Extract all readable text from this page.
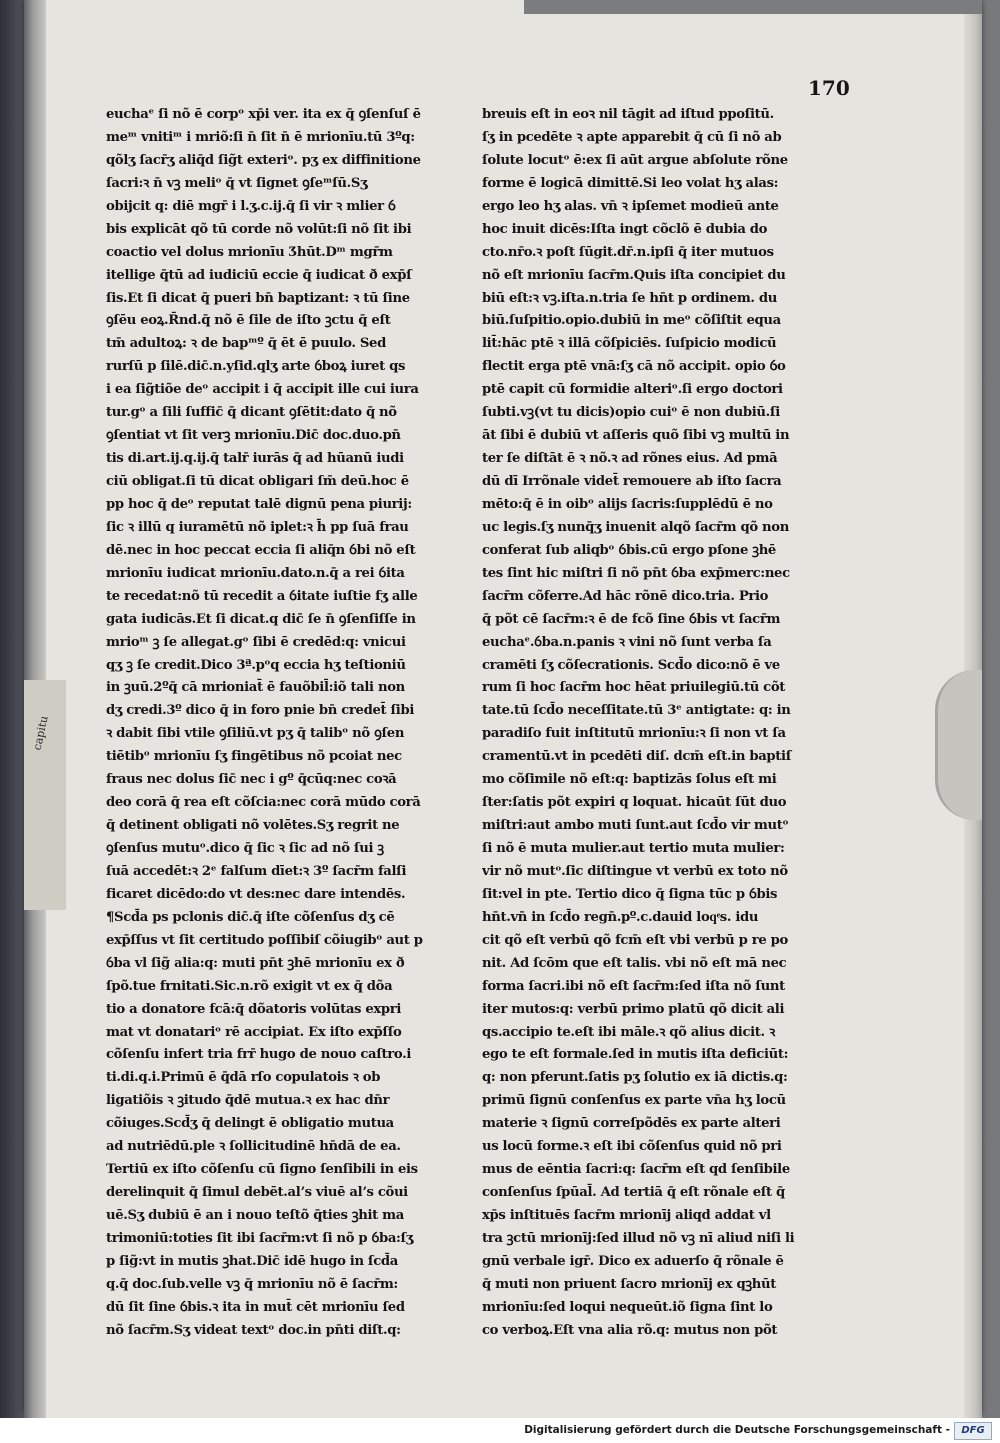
capitu
170
euchaᵉ ſi nõ ē corpᵒ xp̄i ver. ita ex q̄ ꝯſenſuſ ē
meᵐ vnitiᵐ i mriõ:ſi n̄ ſit n̄ ē mrionīu.tū 3ºq:
qõlʒ ſacr̄ʒ aliq̄d ſig̃t exteriᵒ. pʒ ex diffinitione
ſacri:ꝛ n̄ vꝫ meliᵒ q̄ vt ſignet ꝯſeᵐſū.Sʒ
obijcit q: diē mgr̄ i l.ʒ.c.ij.q̄ ſi vir ꝛ mlier ỽ
bis explicāt qõ tū corde nõ volūt:ſi nõ ſit ibi
coactio vel dolus mrionīu Ʒhūt.Dᵐ mgr̄m
itellige q̄tū ad iudiciū eccie q̄ iudicat ð exp̄ſ
ſis.Et ſi dicat q̄ pueri bn̄ baptizant: ꝛ tū ſine
ꝯſēu eoꝝ.R̄nd.q̄ nõ ē ſile de iſto ꝫctu q̄ eſt
tm̄ adultoꝝ: ꝛ de bapᵐº q̄ ēt ē puulo. Sed
rurſū p ſilē.dic̄.n.yſid.qlʒ arte ỽboꝝ iuret qs
i ea ſig̃tiõe deᵒ accipit i q̄ accipit ille cui iura
tur.gᵒ a ſili ſuffic̄ q̄ dicant ꝯſētit:dato q̄ nõ
ꝯſentiat vt ſit verꝫ mrionīu.Dic̄ doc.duo.pn̄
tis di.art.ij.q.ij.q̄ talr̄ iurās q̄ ad hūanū iudi
ciū obligat.ſi tū dicat obligari ſm̄ deū.hoc ē
pp hoc q̄ deᵒ reputat talē dignū pena piurij:
ſic ꝛ illū q iuramētū nõ iplet:ꝛ h̄ pp ſuā frau
dē.nec in hoc peccat eccia ſi aliq̄n ỽbi nõ eſt
mrionīu iudicat mrionīu.dato.n.q̄ a rei ỽita
te recedat:nõ tū recedit a ỽitate iuſtie fʒ alle
gata iudicās.Et ſi dicat.q dic̄ ſe n̄ ꝯſenſiſſe in
mrioᵐ ꝫ ſe allegat.gᵒ ſibi ē credēd:q: vnicui
qʒ ꝫ ſe credit.Dico 3ª.pᵒq eccia hʒ teſtioniū
in ꝫuū.2ºq̄ cā mrioniat̄ ē fauõbil̄:iõ tali non
dʒ credi.3º dico q̄ in foro pnie bn̄ credet̄ ſibi
ꝛ dabit ſibi vtile ꝯſiliū.vt pʒ q̄ talibᵒ nõ ꝯſen
tiētibᵒ mrionīu ſʒ fingētibus nõ pcoiat nec
fraus nec dolus ſic̄ nec i gº q̄cūq:nec coꝛā
deo corā q̄ rea eſt cõſcia:nec corā mūdo corā
q̄ detinent obligati nõ volētes.Sʒ regrit ne
ꝯſenſus mutuᵒ.dico q̄ ſic ꝛ ſic ad nõ ſui ꝫ
ſuā accedēt:ꝛ 2ᵉ falſum dīet:ꝛ 3º ſacr̄m falſi
ficaret dicēdo:do vt des:nec dare intendēs.
¶Scd̄a ps pclonis dic̄.q̄ iſte cõſenſus dʒ cē
exp̄ſſus vt ſit certitudo poſſibiſ cõiugibᵒ aut p
ỽba vl ſig̃ alia:q: muti pn̄t ꝫhē mrionīu ex ð
ſpõ.tue frnitati.Sic.n.rõ exigit vt ex q̄ dõa
tio a donatore fcā:q̄ dõatoris volūtas expri
mat vt donatariᵒ rē accipiat. Ex iſto exp̄ſſo
cõſenſu infert tria frr̄ hugo de nouo caſtro.i
ti.di.q.i.Primū ē q̄dā rſo copulatois ꝛ ob
ligatiõis ꝛ ꝫitudo q̄dē mutua.ꝛ ex hac dn̄r
cõiuges.Scd̄ʒ q̄ delingt ē obligatio mutua
ad nutriēdū.ple ꝛ ſollicitudinē hn̄dā de ea.
Tertiū ex iſto cõſenſu cū ſigno ſenſibili in eis
derelinquit q̄ ſimul debēt.alʼs viuē alʼs cõui
uē.Sʒ dubiū ē an i nouo teſtõ q̄ties ꝫhit ma
trimoniū:toties ſit ibi ſacr̄m:vt ſi nõ p ỽba:ſʒ
p ſig̃:vt in mutis ꝫhat.Dic̄ idē hugo in ſcd̄a
q.q̄ doc.ſub.velle vꝫ q̄ mrionīu nõ ē ſacr̄m:
dū ſit ſine ỽbis.ꝛ ita in mut̄ cēt mrionīu ſed
nõ ſacr̄m.Sʒ videat textᵒ doc.in pn̄ti diſt.q:
breuis eſt in eoꝛ nil tāgit ad iſtud ppoſitū.
ſʒ in pcedēte ꝛ apte apparebit q̄ cū ſi nõ ab
ſolute locutᵒ ē:ex ſi aūt argue abſolute rõne
forme ē logicā dimittē.Si leo volat hʒ alas:
ergo leo hʒ alas. vn̄ ꝛ ipſemet modieū ante
hoc inuit dicēs:Iſta ingt cõclõ ē dubia do
cto.nr̄o.ꝛ poſt ſūgit.dr̄.n.ipſi q̄ iter mutuos
nõ eſt mrionīu ſacr̄m.Quis iſta concipiet du
biū eſt:ꝛ vꝫ.iſta.n.tria ſe hn̄t p ordinem. du
biū.ſuſpitio.opio.dubiū in meᵒ cõſiſtit equa
lit̄:hāc ptē ꝛ illā cõſpiciēs. ſuſpicio modicū
flectit erga ptē vnā:ſʒ cā nõ accipit. opio ỽo
ptē capit cū formidie alteriᵒ.ſi ergo doctori
ſubti.vꝫ(vt tu dicis)opio cuiᵒ ē non dubiū.ſi
āt ſibi ē dubiū vt aſſeris quõ ſibi vꝫ multū in
ter ſe diſtāt ē ꝛ nõ.ꝛ ad rõnes eius. Ad pmā
dū dī Irrõnale videt̄ remouere ab iſto ſacra
mēto:q̄ ē in oibᵒ alijs ſacris:ſupplēdū ē no
uc legis.ſʒ nunq̄ʒ inuenit alqõ ſacr̄m qõ non
conferat ſub aliqbᵒ ỽbis.cū ergo pſone ꝫhē
tes ſint hic miſtri ſi nõ pn̄t ỽba exp̄merc:nec
ſacr̄m cõferre.Ad hāc rõnē dico.tria. Prio
q̄ põt cē ſacr̄m:ꝛ ē de fcõ ſine ỽbis vt ſacr̄m
euchaᵉ.ỽba.n.panis ꝛ vini nõ ſunt verba ſa
cramēti ſʒ cõſecrationis. Scd̄o dico:nõ ē ve
rum ſi hoc ſacr̄m hoc hēat priuilegiū.tū cõt
tate.tū ſcd̄o neceſſitate.tū 3ᵉ antigtate: q: in
paradiſo fuit inſtitutū mrionīu:ꝛ ſi non vt ſa
cramentū.vt in pcedēti diſ. dcm̄ eſt.in baptiſ
mo cõſimile nõ eſt:q: baptizās ſolus eſt mi
ſter:ſatis põt expiri q loquat. hicaūt ſūt duo
miſtri:aut ambo muti ſunt.aut ſcd̄o vir mutᵒ
ſi nõ ē muta mulier.aut tertio muta mulier:
vir nõ mutᵒ.ſic diſtingue vt verbū ex toto nõ
ſit:vel in pte. Tertio dico q̄ ſigna tūc p ỽbis
hn̄t.vn̄ in ſcd̄o regn̄.pº.c.dauid loqͤs. idu
cit qõ eſt verbū qõ fcm̄ eſt vbi verbū p re po
nit. Ad ſcōm que eſt talis. vbi nõ eſt mā nec
forma ſacri.ibi nõ eſt ſacr̄m:ſed iſta nõ ſunt
iter mutos:q: verbū primo platū qõ dicit ali
qs.accipio te.eſt ibi māle.ꝛ qõ alius dicit. ꝛ
ego te eſt formale.ſed in mutis iſta deficiūt:
q: non pferunt.ſatis pʒ ſolutio ex iā dictis.q:
primū ſignū conſenſus ex parte vn̄a hʒ locū
materie ꝛ ſignū correſpõdēs ex parte alteri
us locū forme.ꝛ eſt ibi cõſenſus quid nõ pri
mus de eēntia ſacri:q: ſacr̄m eſt qd ſenſibile
conſenſus ſpūal̄. Ad tertiā q̄ eſt rõnale eſt q̄
xp̄s inſtituēs ſacr̄m mrionīj aliqd addat vl
tra ꝫctū mrionīj:ſed illud nõ vꝫ nī aliud niſi li
gnū verbale igr̄. Dico ex aduerſo q̄ rõnale ē
q̄ muti non priuent ſacro mrionīj ex qꝫhūt
mrionīu:ſed loqui nequeūt.iõ ſigna ſint lo
co verboꝝ.Eſt vna alia rõ.q: mutus non põt
Digitalisierung gefördert durch die Deutsche Forschungsgemeinschaft -	DFG
